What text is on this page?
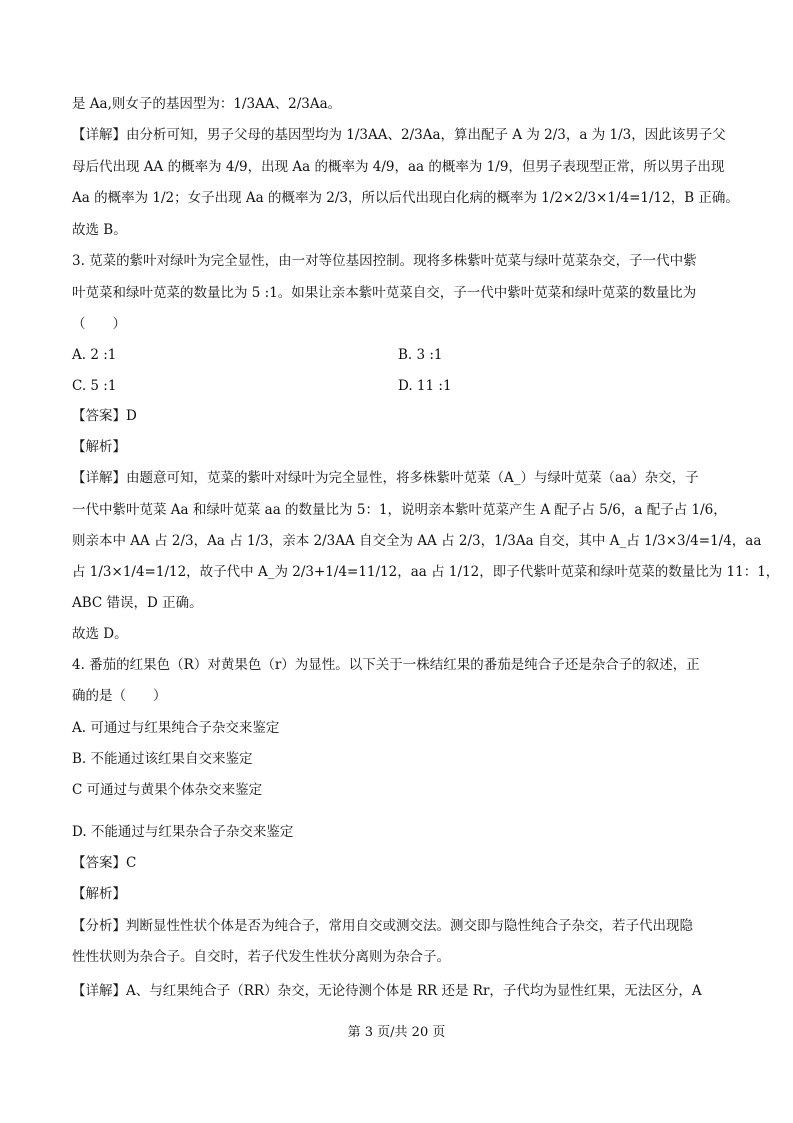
是 Aa,则女子的基因型为：1/3AA、2/3Aa。
【详解】由分析可知，男子父母的基因型均为 1/3AA、2/3Aa，算出配子 A 为 2/3，a 为 1/3，因此该男子父
母后代出现 AA 的概率为 4/9，出现 Aa 的概率为 4/9，aa 的概率为 1/9，但男子表现型正常，所以男子出现
Aa 的概率为 1/2；女子出现 Aa 的概率为 2/3，所以后代出现白化病的概率为 1/2×2/3×1/4=1/12，B 正确。
故选 B。
3. 苋菜的紫叶对绿叶为完全显性，由一对等位基因控制。现将多株紫叶苋菜与绿叶苋菜杂交，子一代中紫
叶苋菜和绿叶苋菜的数量比为 5 :1。如果让亲本紫叶苋菜自交，子一代中紫叶苋菜和绿叶苋菜的数量比为
（　　）
A. 2 :1	B. 3 :1
C. 5 :1	D. 11 :1
【答案】D
【解析】
【详解】由题意可知，苋菜的紫叶对绿叶为完全显性，将多株紫叶苋菜（A_）与绿叶苋菜（aa）杂交，子
一代中紫叶苋菜 Aa 和绿叶苋菜 aa 的数量比为 5：1，说明亲本紫叶苋菜产生 A 配子占 5/6，a 配子占 1/6，
则亲本中 AA 占 2/3，Aa 占 1/3，亲本 2/3AA 自交全为 AA 占 2/3，1/3Aa 自交，其中 A_占 1/3×3/4=1/4，aa
占 1/3×1/4=1/12，故子代中 A_为 2/3+1/4=11/12，aa 占 1/12，即子代紫叶苋菜和绿叶苋菜的数量比为 11：1，
ABC 错误，D 正确。
故选 D。
4. 番茄的红果色（R）对黄果色（r）为显性。以下关于一株结红果的番茄是纯合子还是杂合子的叙述，正
确的是（　　）
A. 可通过与红果纯合子杂交来鉴定
B. 不能通过该红果自交来鉴定
C 可通过与黄果个体杂交来鉴定
D. 不能通过与红果杂合子杂交来鉴定
【答案】C
【解析】
【分析】判断显性性状个体是否为纯合子，常用自交或测交法。测交即与隐性纯合子杂交，若子代出现隐
性性状则为杂合子。自交时，若子代发生性状分离则为杂合子。
【详解】A、与红果纯合子（RR）杂交，无论待测个体是 RR 还是 Rr，子代均为显性红果，无法区分，A
第 3 页/共 20 页
